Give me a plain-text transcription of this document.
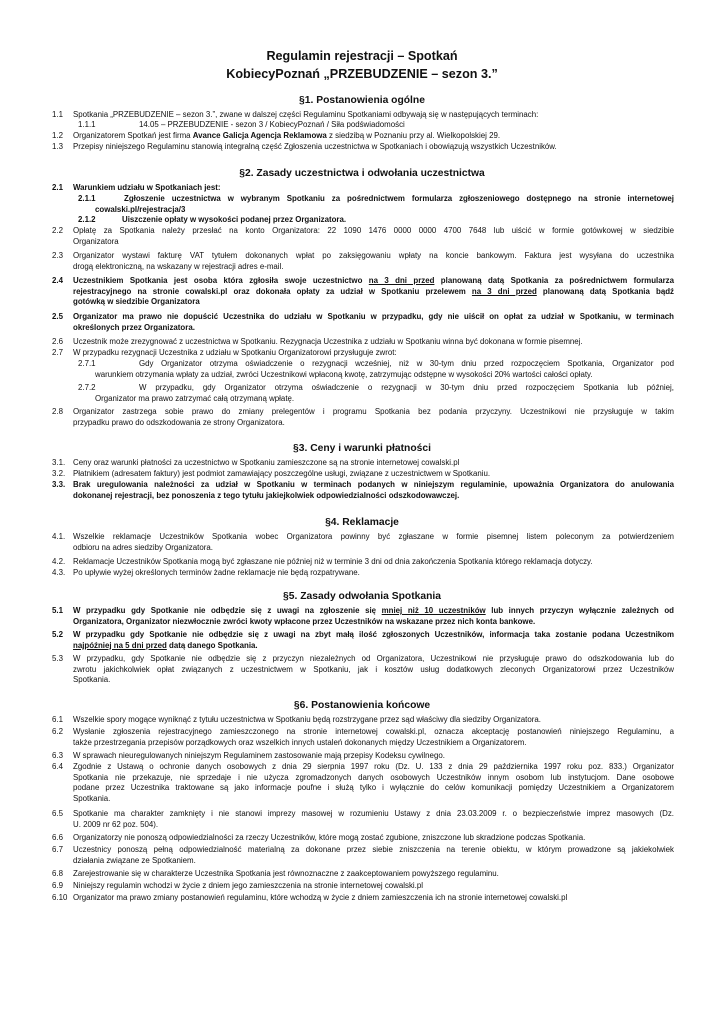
Regulamin rejestracji – Spotkań
KobiecyPoznań „PRZEBUDZENIE – sezon 3.”
§1. Postanowienia ogólne
1.1 Spotkania „PRZEBUDZENIE – sezon 3.”, zwane w dalszej części Regulaminu Spotkaniami odbywają się w następujących terminach:
1.1.1	14.05 – PRZEBUDZENIE - sezon 3 / KobiecyPoznań / Siła podświadomości
1.2 Organizatorem Spotkań jest firma Avance Galicja Agencja Reklamowa z siedzibą w Poznaniu przy al. Wielkopolskiej 29.
1.3 Przepisy niniejszego Regulaminu stanowią integralną część Zgłoszenia uczestnictwa w Spotkaniach i obowiązują wszystkich Uczestników.
§2. Zasady uczestnictwa i odwołania uczestnictwa
2.1 Warunkiem udziału w Spotkaniach jest:
2.1.1	Zgłoszenie uczestnictwa w wybranym Spotkaniu za pośrednictwem formularza zgłoszeniowego dostępnego na stronie internetowej
cowalski.pl/rejestracja/3
2.1.2	Uiszczenie opłaty w wysokości podanej przez Organizatora.
2.2 Opłatę za Spotkania należy przesłać na konto Organizatora: 22 1090 1476 0000 0000 4700 7648 lub uiścić w formie gotówkowej w siedzibie
Organizatora
2.3 Organizator wystawi fakturę VAT tytułem dokonanych wpłat po zaksięgowaniu wpłaty na koncie bankowym. Faktura jest wysyłana do uczestnika
drogą elektroniczną, na wskazany w rejestracji adres e-mail.
2.4 Uczestnikiem Spotkania jest osoba która zgłosiła swoje uczestnictwo na 3 dni przed planowaną datą Spotkania za pośrednictwem formularza
rejestracyjnego na stronie cowalski.pl oraz dokonała opłaty za udział w Spotkaniu przelewem na 3 dni przed planowaną datą Spotkania bądź
gotówką w siedzibie Organizatora
2.5 Organizator ma prawo nie dopuścić Uczestnika do udziału w Spotkaniu w przypadku, gdy nie uiścił on opłat za udział w Spotkaniu, w terminach
określonych przez Organizatora.
2.6 Uczestnik może zrezygnować z uczestnictwa w Spotkaniu. Rezygnacja Uczestnika z udziału w Spotkaniu winna być dokonana w formie pisemnej.
2.7 W przypadku rezygnacji Uczestnika z udziału w Spotkaniu Organizatorowi przysługuje zwrot:
2.7.1	Gdy Organizator otrzyma oświadczenie o rezygnacji wcześniej, niż w 30-tym dniu przed rozpoczęciem Spotkania, Organizator pod
warunkiem otrzymania wpłaty za udział, zwróci Uczestnikowi wpłaconą kwotę, zatrzymując odstępne w wysokości 20% wartości całości opłaty.
2.7.2	W przypadku, gdy Organizator otrzyma oświadczenie o rezygnacji w 30-tym dniu przed rozpoczęciem Spotkania lub później,
Organizator ma prawo zatrzymać całą otrzymaną wpłatę.
2.8 Organizator zastrzega sobie prawo do zmiany prelegentów i programu Spotkania bez podania przyczyny. Uczestnikowi nie przysługuje w takim
przypadku prawo do odszkodowania ze strony Organizatora.
§3. Ceny i warunki płatności
3.1. Ceny oraz warunki płatności za uczestnictwo w Spotkaniu zamieszczone są na stronie internetowej cowalski.pl
3.2. Płatnikiem (adresatem faktury) jest podmiot zamawiający poszczególne usługi, związane z uczestnictwem w Spotkaniu.
3.3. Brak uregulowania należności za udział w Spotkaniu w terminach podanych w niniejszym regulaminie, upoważnia Organizatora do anulowania
dokonanej rejestracji, bez ponoszenia z tego tytułu jakiejkolwiek odpowiedzialności odszkodowawczej.
§4. Reklamacje
4.1. Wszelkie reklamacje Uczestników Spotkania wobec Organizatora powinny być zgłaszane w formie pisemnej listem poleconym za potwierdzeniem
odbioru na adres siedziby Organizatora.
4.2. Reklamacje Uczestników Spotkania mogą być zgłaszane nie później niż w terminie 3 dni od dnia zakończenia Spotkania którego reklamacja dotyczy.
4.3. Po upływie wyżej określonych terminów żadne reklamacje nie będą rozpatrywane.
§5. Zasady odwołania Spotkania
5.1 W przypadku gdy Spotkanie nie odbędzie się z uwagi na zgłoszenie się mniej niż 10 uczestników lub innych przyczyn wyłącznie zależnych od
Organizatora, Organizator niezwłocznie zwróci kwoty wpłacone przez Uczestników na wskazane przez nich konta bankowe.
5.2 W przypadku gdy Spotkanie nie odbędzie się z uwagi na zbyt małą ilość zgłoszonych Uczestników, informacja taka zostanie podana Uczestnikom
najpóźniej na 5 dni przed datą danego Spotkania.
5.3 W przypadku, gdy Spotkanie nie odbędzie się z przyczyn niezależnych od Organizatora, Uczestnikowi nie przysługuje prawo do odszkodowania lub do
zwrotu jakichkolwiek opłat związanych z uczestnictwem w Spotkaniu, jak i kosztów usług dodatkowych zleconych Organizatorowi przez Uczestników
Spotkania.
§6. Postanowienia końcowe
6.1 Wszelkie spory mogące wyniknąć z tytułu uczestnictwa w Spotkaniu będą rozstrzygane przez sąd właściwy dla siedziby Organizatora.
6.2 Wysłanie zgłoszenia rejestracyjnego zamieszczonego na stronie internetowej cowalski.pl, oznacza akceptację postanowień niniejszego Regulaminu, a
także przestrzegania przepisów porządkowych oraz wszelkich innych ustaleń dokonanych między Uczestnikiem a Organizatorem.
6.3 W sprawach nieuregulowanych niniejszym Regulaminem zastosowanie mają przepisy Kodeksu cywilnego.
6.4 Zgodnie z Ustawą o ochronie danych osobowych z dnia 29 sierpnia 1997 roku (Dz. U. 133 z dnia 29 października 1997 roku poz. 833.) Organizator
Spotkania nie przekazuje, nie sprzedaje i nie użycza zgromadzonych danych osobowych Uczestników innym osobom lub instytucjom. Dane osobowe
podane przez Uczestnika traktowane są jako informacje poufne i służą tylko i wyłącznie do celów komunikacji pomiędzy Uczestnikiem a Organizatorem
Spotkania.
6.5 Spotkanie ma charakter zamknięty i nie stanowi imprezy masowej w rozumieniu Ustawy z dnia 23.03.2009 r. o bezpieczeństwie imprez masowych (Dz.
U. 2009 nr 62 poz. 504).
6.6 Organizatorzy nie ponoszą odpowiedzialności za rzeczy Uczestników, które mogą zostać zgubione, zniszczone lub skradzione podczas Spotkania.
6.7 Uczestnicy ponoszą pełną odpowiedzialność materialną za dokonane przez siebie zniszczenia na terenie obiektu, w którym prowadzone są jakiekolwiek
działania związane ze Spotkaniem.
6.8 Zarejestrowanie się w charakterze Uczestnika Spotkania jest równoznaczne z zaakceptowaniem powyższego regulaminu.
6.9 Niniejszy regulamin wchodzi w życie z dniem jego zamieszczenia na stronie internetowej cowalski.pl
6.10 Organizator ma prawo zmiany postanowień regulaminu, które wchodzą w życie z dniem zamieszczenia ich na stronie internetowej cowalski.pl
